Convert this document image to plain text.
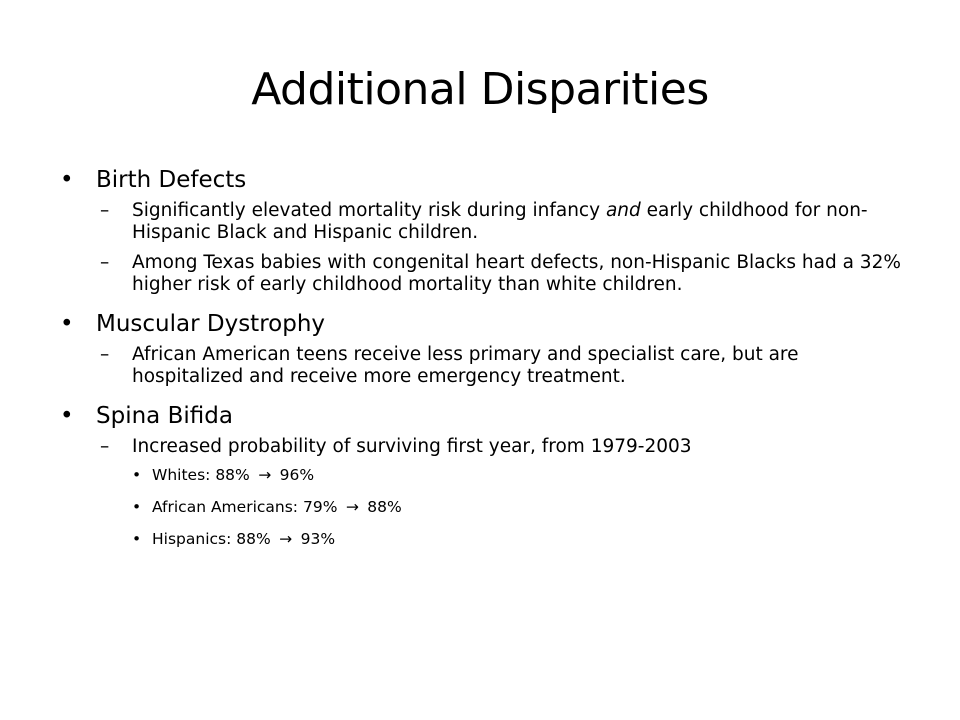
Additional Disparities
• Birth Defects
– Significantly elevated mortality risk during infancy and early childhood for non-Hispanic Black and Hispanic children.
– Among Texas babies with congenital heart defects, non-Hispanic Blacks had a 32% higher risk of early childhood mortality than white children.
• Muscular Dystrophy
– African American teens receive less primary and specialist care, but are hospitalized and receive more emergency treatment.
• Spina Bifida
– Increased probability of surviving first year, from 1979-2003
• Whites: 88% → 96%
• African Americans: 79% → 88%
• Hispanics: 88% → 93%
